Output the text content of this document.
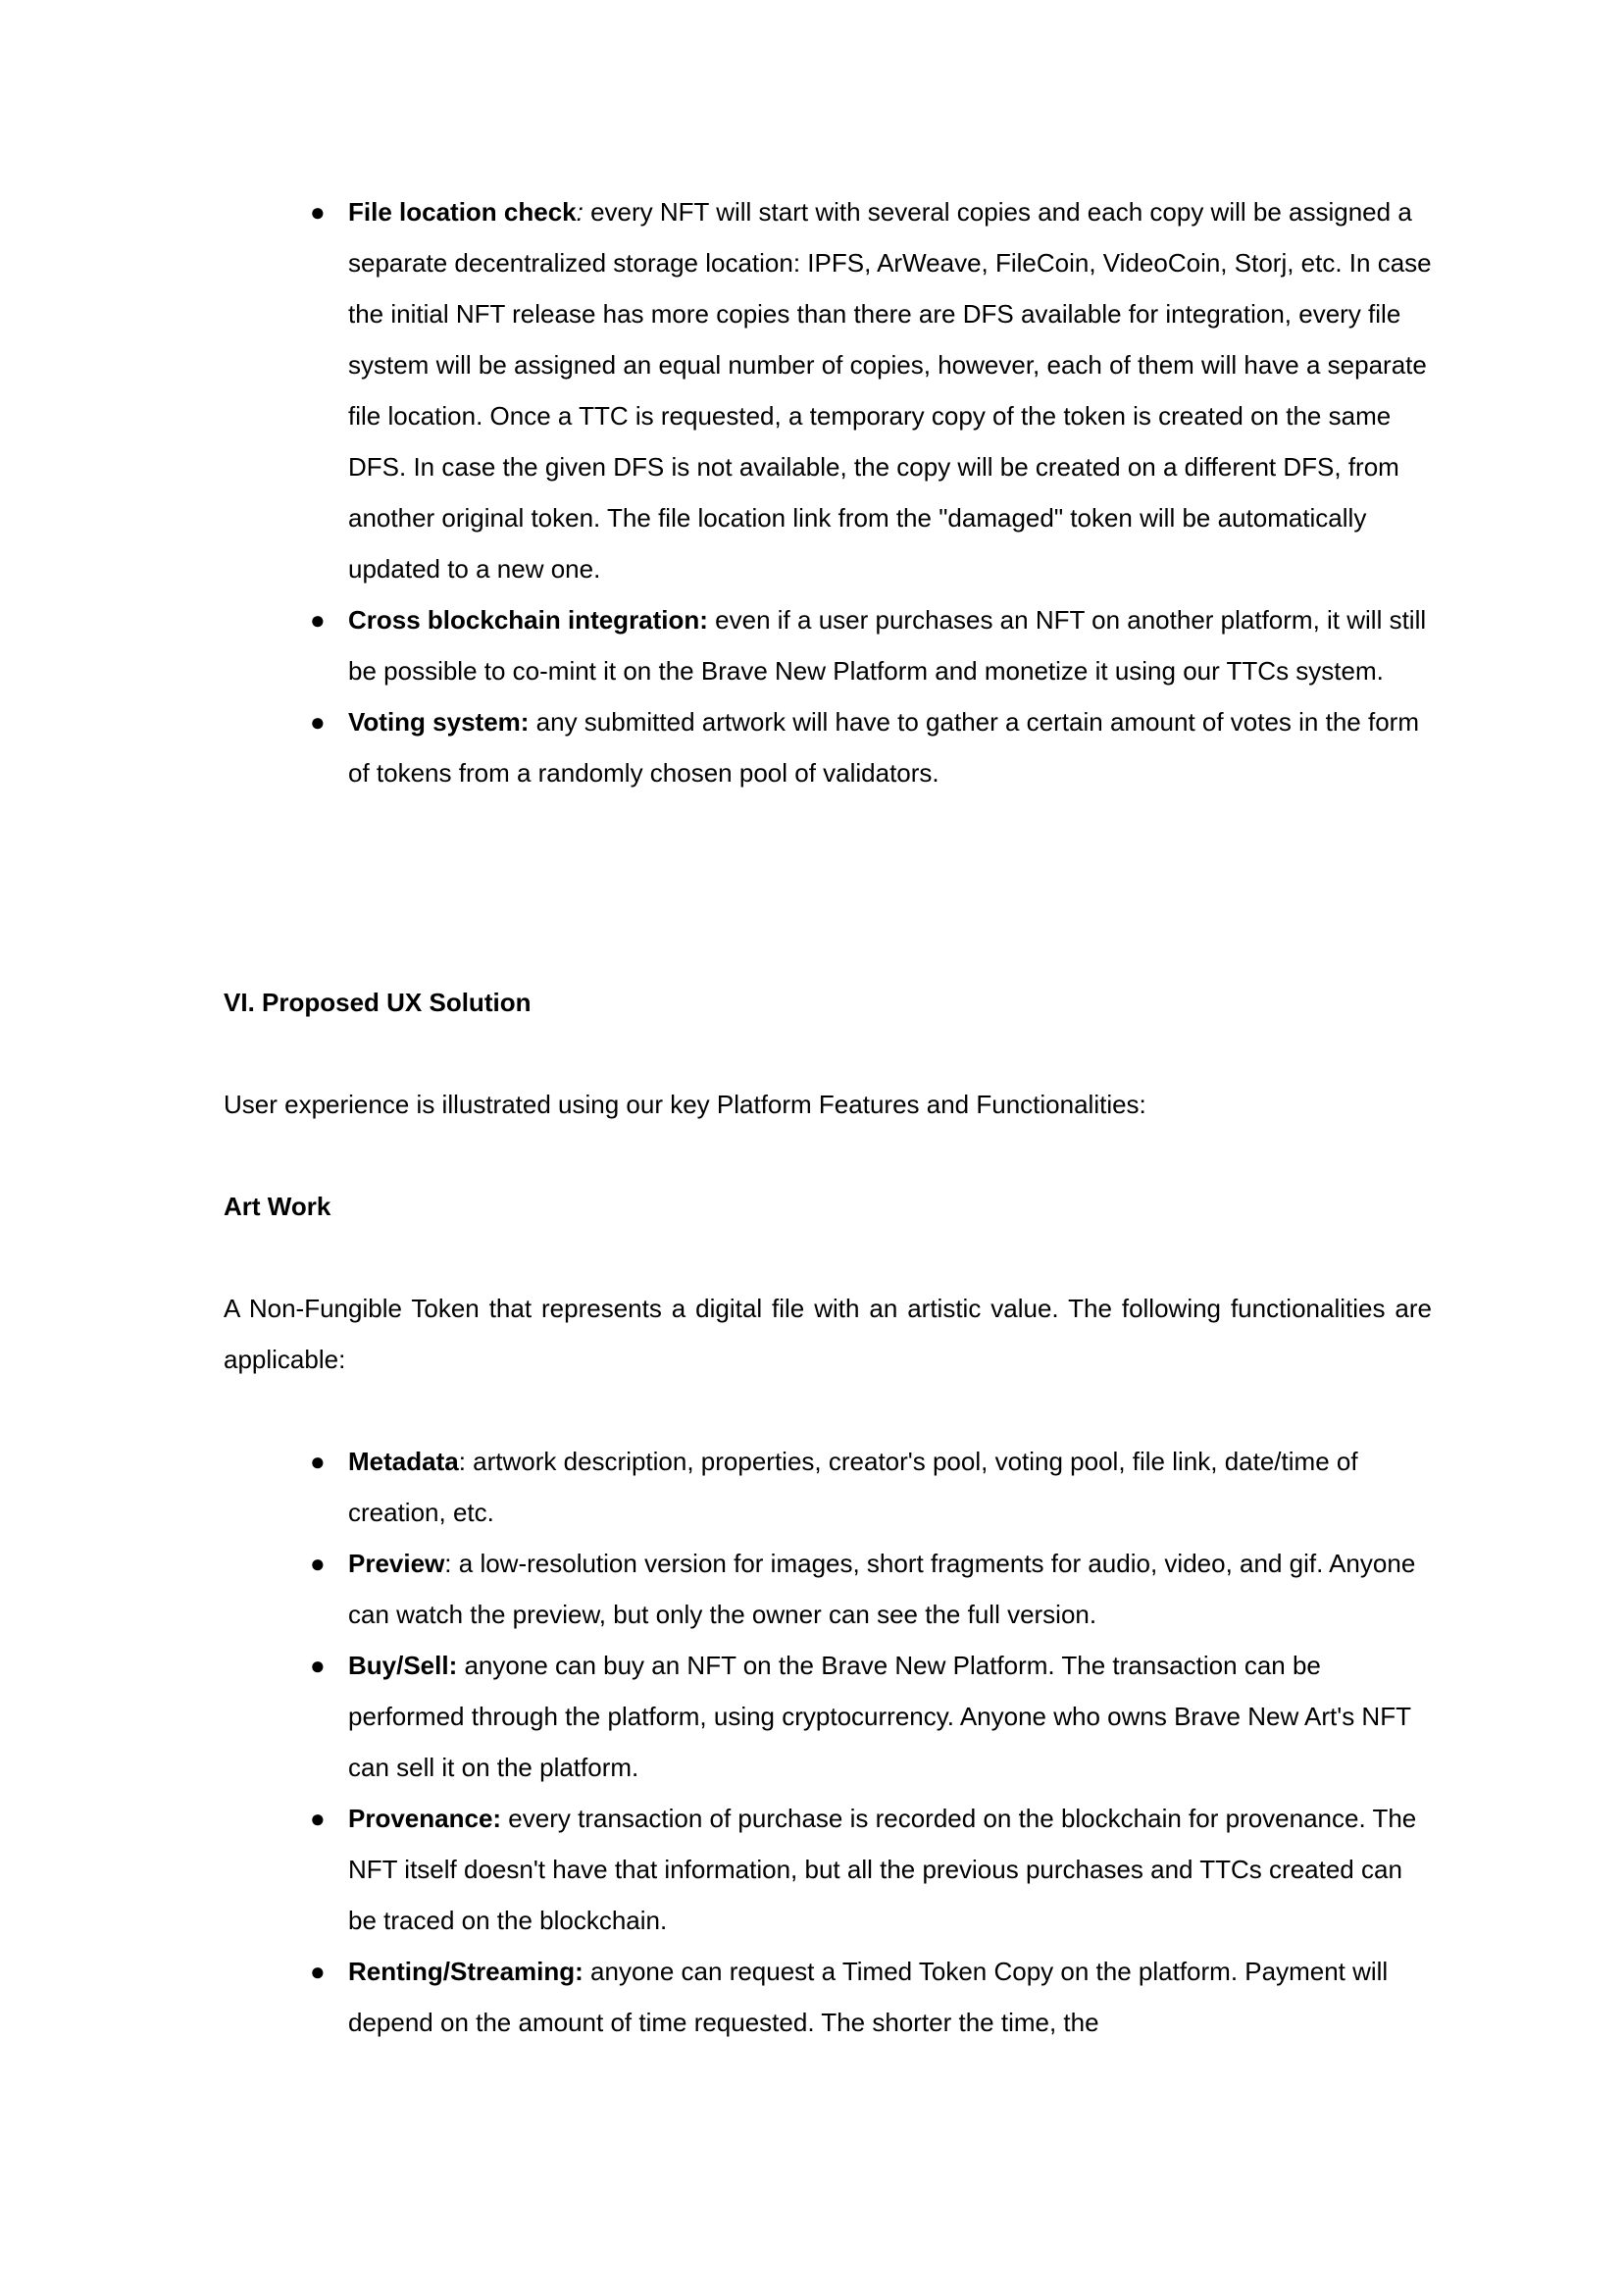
● File location check: every NFT will start with several copies and each copy will be assigned a separate decentralized storage location: IPFS, ArWeave, FileCoin, VideoCoin, Storj, etc. In case the initial NFT release has more copies than there are DFS available for integration, every file system will be assigned an equal number of copies, however, each of them will have a separate file location. Once a TTC is requested, a temporary copy of the token is created on the same DFS. In case the given DFS is not available, the copy will be created on a different DFS, from another original token. The file location link from the "damaged" token will be automatically updated to a new one.
● Cross blockchain integration: even if a user purchases an NFT on another platform, it will still be possible to co-mint it on the Brave New Platform and monetize it using our TTCs system.
● Voting system: any submitted artwork will have to gather a certain amount of votes in the form of tokens from a randomly chosen pool of validators.

VI. Proposed UX Solution

User experience is illustrated using our key Platform Features and Functionalities:

Art Work

A Non-Fungible Token that represents a digital file with an artistic value. The following functionalities are applicable:

● Metadata: artwork description, properties, creator's pool, voting pool, file link, date/time of creation, etc.
● Preview: a low-resolution version for images, short fragments for audio, video, and gif. Anyone can watch the preview, but only the owner can see the full version.
● Buy/Sell: anyone can buy an NFT on the Brave New Platform. The transaction can be performed through the platform, using cryptocurrency. Anyone who owns Brave New Art's NFT can sell it on the platform.
● Provenance: every transaction of purchase is recorded on the blockchain for provenance. The NFT itself doesn't have that information, but all the previous purchases and TTCs created can be traced on the blockchain.
● Renting/Streaming: anyone can request a Timed Token Copy on the platform. Payment will depend on the amount of time requested. The shorter the time, the
